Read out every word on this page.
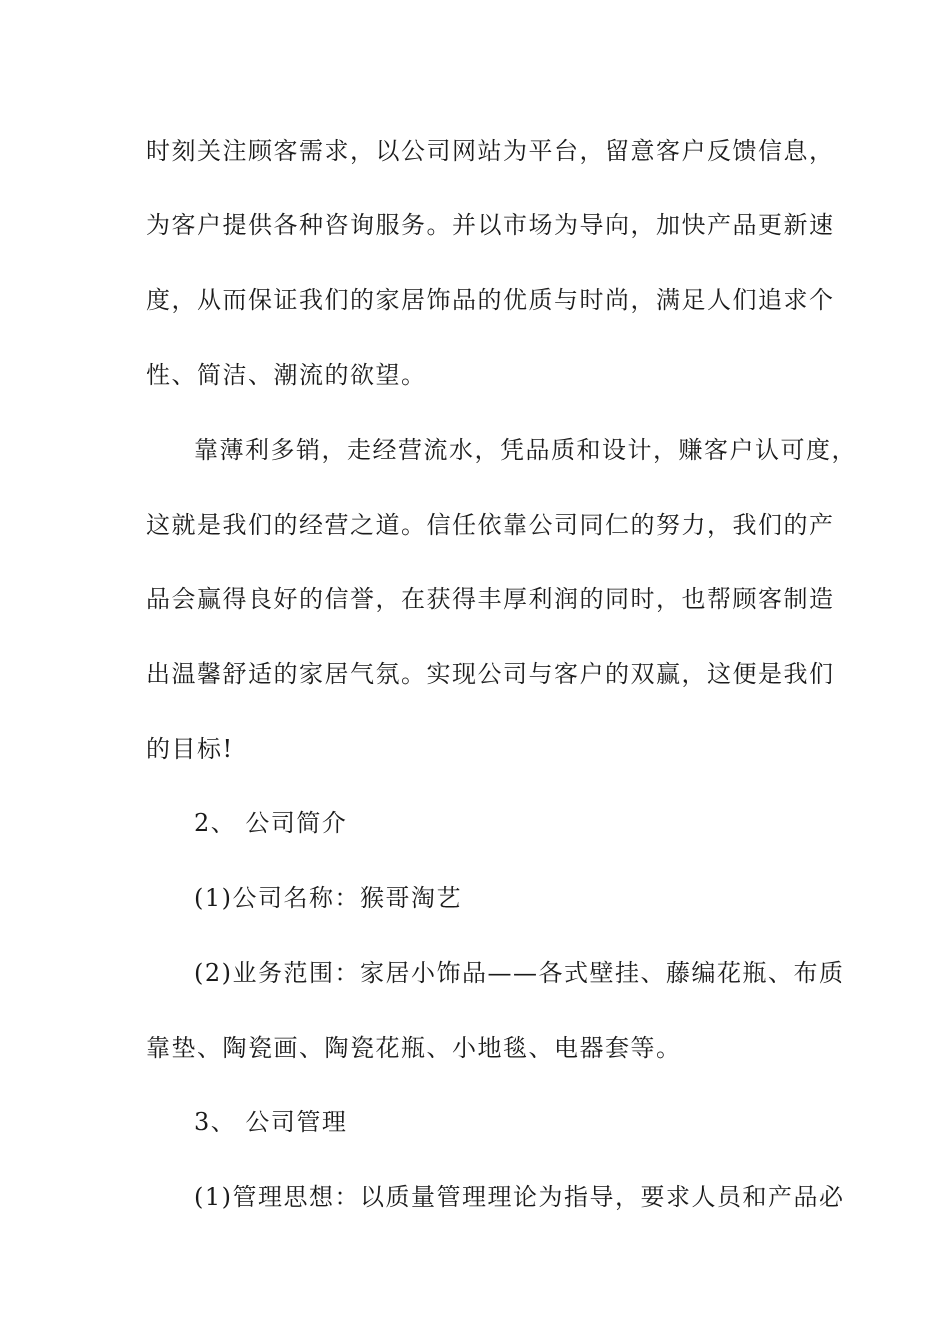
时刻关注顾客需求，以公司网站为平台，留意客户反馈信息，
为客户提供各种咨询服务。并以市场为导向，加快产品更新速
度，从而保证我们的家居饰品的优质与时尚，满足人们追求个
性、简洁、潮流的欲望。
靠薄利多销，走经营流水，凭品质和设计，赚客户认可度，
这就是我们的经营之道。信任依靠公司同仁的努力，我们的产
品会赢得良好的信誉，在获得丰厚利润的同时，也帮顾客制造
出温馨舒适的家居气氛。实现公司与客户的双赢，这便是我们
的目标!
2、 公司简介
(1)公司名称：猴哥淘艺
(2)业务范围：家居小饰品——各式壁挂、藤编花瓶、布质
靠垫、陶瓷画、陶瓷花瓶、小地毯、电器套等。
3、 公司管理
(1)管理思想：以质量管理理论为指导，要求人员和产品必
